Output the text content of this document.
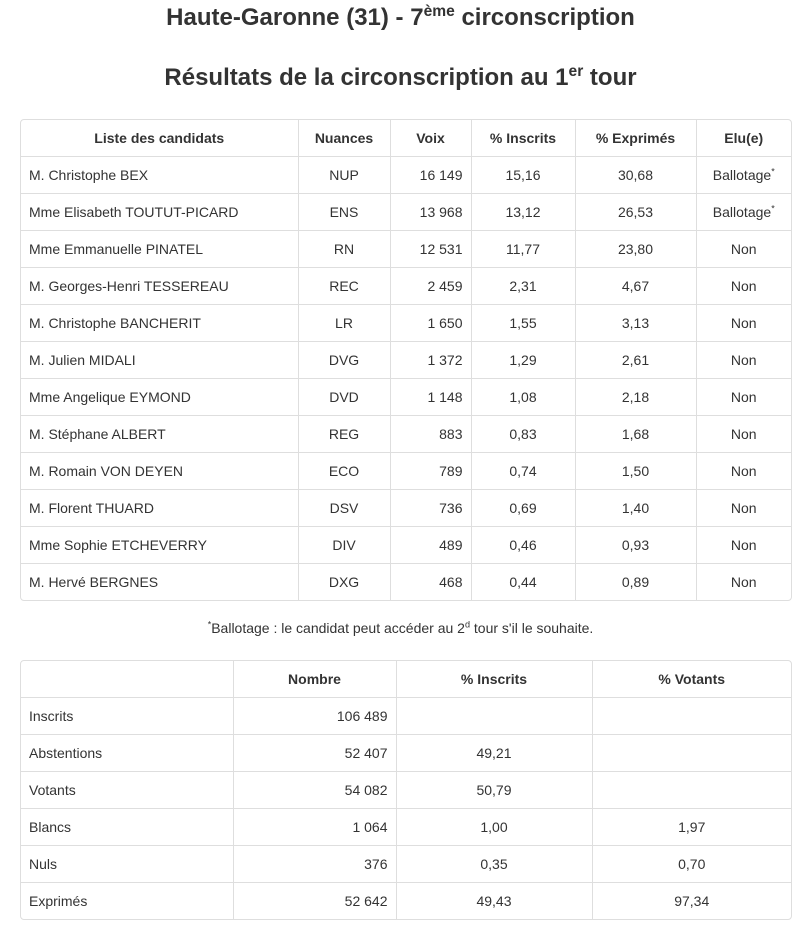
Haute-Garonne (31) - 7ème circonscription
Résultats de la circonscription au 1er tour
Liste des candidats	Nuances	Voix	% Inscrits	% Exprimés	Elu(e)
M. Christophe BEX	NUP	16 149	15,16	30,68	Ballotage*
Mme Elisabeth TOUTUT-PICARD	ENS	13 968	13,12	26,53	Ballotage*
Mme Emmanuelle PINATEL	RN	12 531	11,77	23,80	Non
M. Georges-Henri TESSEREAU	REC	2 459	2,31	4,67	Non
M. Christophe BANCHERIT	LR	1 650	1,55	3,13	Non
M. Julien MIDALI	DVG	1 372	1,29	2,61	Non
Mme Angelique EYMOND	DVD	1 148	1,08	2,18	Non
M. Stéphane ALBERT	REG	883	0,83	1,68	Non
M. Romain VON DEYEN	ECO	789	0,74	1,50	Non
M. Florent THUARD	DSV	736	0,69	1,40	Non
Mme Sophie ETCHEVERRY	DIV	489	0,46	0,93	Non
M. Hervé BERGNES	DXG	468	0,44	0,89	Non
*Ballotage : le candidat peut accéder au 2$^d$ tour s'il le souhaite.
	Nombre	% Inscrits	% Votants
Inscrits	106 489		
Abstentions	52 407	49,21	
Votants	54 082	50,79	
Blancs	1 064	1,00	1,97
Nuls	376	0,35	0,70
Exprimés	52 642	49,43	97,34
